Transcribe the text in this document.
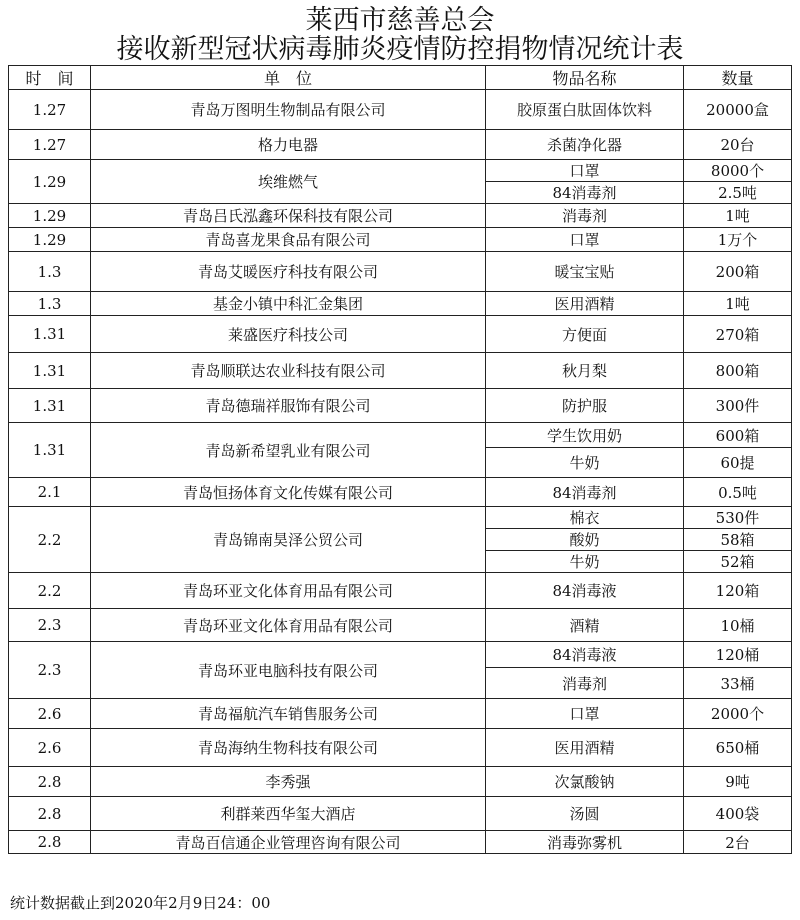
莱西市慈善总会
接收新型冠状病毒肺炎疫情防控捐物情况统计表
时　间	单　位	物品名称	数量
1.27	青岛万图明生物制品有限公司	胶原蛋白肽固体饮料	20000盒
1.27	格力电器	杀菌净化器	20台
1.29	埃维燃气	口罩	8000个
		84消毒剂	2.5吨
1.29	青岛吕氏泓鑫环保科技有限公司	消毒剂	1吨
1.29	青岛喜龙果食品有限公司	口罩	1万个
1.3	青岛艾暖医疗科技有限公司	暖宝宝贴	200箱
1.3	基金小镇中科汇金集团	医用酒精	1吨
1.31	莱盛医疗科技公司	方便面	270箱
1.31	青岛顺联达农业科技有限公司	秋月梨	800箱
1.31	青岛德瑞祥服饰有限公司	防护服	300件
1.31	青岛新希望乳业有限公司	学生饮用奶	600箱
		牛奶	60提
2.1	青岛恒扬体育文化传媒有限公司	84消毒剂	0.5吨
2.2	青岛锦南昊泽公贸公司	棉衣	530件
		酸奶	58箱
		牛奶	52箱
2.2	青岛环亚文化体育用品有限公司	84消毒液	120箱
2.3	青岛环亚文化体育用品有限公司	酒精	10桶
2.3	青岛环亚电脑科技有限公司	84消毒液	120桶
		消毒剂	33桶
2.6	青岛福航汽车销售服务公司	口罩	2000个
2.6	青岛海纳生物科技有限公司	医用酒精	650桶
2.8	李秀强	次氯酸钠	9吨
2.8	利群莱西华玺大酒店	汤圆	400袋
2.8	青岛百信通企业管理咨询有限公司	消毒弥雾机	2台
统计数据截止到2020年2月9日24：00
